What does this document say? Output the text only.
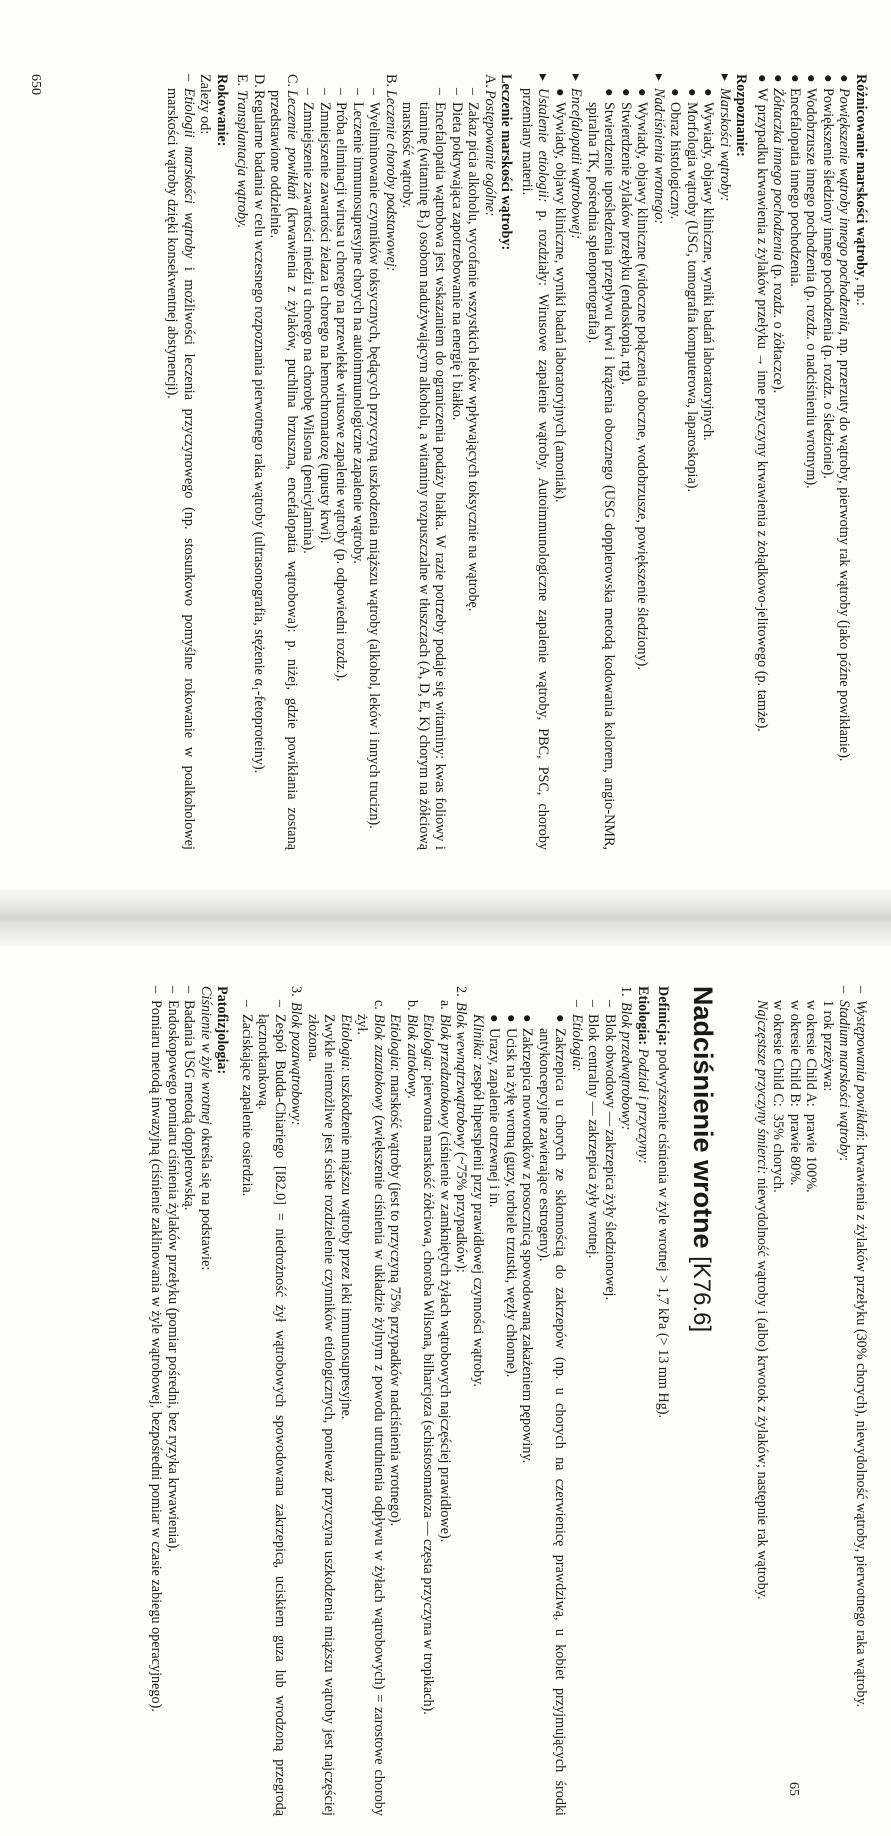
Różnicowanie marskości wątroby, np.:
●
Powiększenie wątroby innego pochodzenia, np. przerzuty do wątroby, pierwotny rak wątroby (jako późne powikłanie).
●
Powiększenie śledziony innego pochodzenia (p. rozdz. o śledzionie).
●
Wodobrzusze innego pochodzenia (p. rozdz. o nadciśnieniu wrotnym).
●
Encefalopatia innego pochodzenia.
●
Żółtaczka innego pochodzenia (p. rozdz. o żółtaczce).
●
W przypadku krwawienia z żylaków przełyku → inne przyczyny krwawienia z żołądkowo-jelitowego (p. tamże).
Rozpoznanie:
▸
Marskości wątroby:
●
Wywiady, objawy kliniczne, wyniki badań laboratoryjnych.
●
Morfologia wątroby (USG, tomografia komputerowa, laparoskopia).
●
Obraz histologiczny.
▸
Nadciśnienia wrotnego:
●
Wywiady, objawy kliniczne (widoczne połączenia oboczne, wodobrzusze, powiększenie śledziony).
●
Stwierdzenie żylaków przełyku (endoskopia, rtg).
●
Stwierdzenie upośledzenia przepływu krwi i krążenia obocznego (USG dopplerowska metodą kodowania kolorem, angio-NMR, spiralna TK, pośrednia splenoportografia).
▸
Encefalopatii wątrobowej:
●
Wywiady, objawy kliniczne, wyniki badań laboratoryjnych (amoniak).
▸
Ustalenie etiologii: p. rozdziały: Wirusowe zapalenie wątroby, Autoimmunologiczne zapalenie wątroby, PBC, PSC, choroby przemiany materii.
Leczenie marskości wątroby:
A.
Postępowanie ogólne:
–
Zakaz picia alkoholu, wycofanie wszystkich leków wpływających toksycznie na wątrobę.
–
Dieta pokrywająca zapotrzebowanie na energię i białko.
–
Encefalopatia wątrobowa jest wskazaniem do ograniczenia podaży białka. W razie potrzeby podaje się witaminy: kwas foliowy i tiaminę (witaminę B₁) osobom nadużywającym alkoholu, a witaminy rozpuszczalne w tłuszczach (A, D, E, K) chorym na żółciową marskość wątroby.
B.
Leczenie choroby podstawowej:
–
Wyeliminowanie czynników toksycznych, będących przyczyną uszkodzenia miąższu wątroby (alkohol, leków i innych trucizn).
–
Leczenie immunosupresyjne chorych na autoimmunologiczne zapalenie wątroby.
–
Próba eliminacji wirusa u chorego na przewlekłe wirusowe zapalenie wątroby (p. odpowiedni rozdz.).
–
Zmniejszenie zawartości żelaza u chorego na hemochromatozę (upusty krwi).
–
Zmniejszenie zawartości miedzi u chorego na chorobę Wilsona (penicylamina).
C.
Leczenie powikłań (krwawienia z żylaków, puchlina brzuszna, encefalopatia wątrobowa): p. niżej, gdzie powikłania zostaną przedstawione oddzielnie.
D.
Regularne badania w celu wczesnego rozpoznania pierwotnego raka wątroby (ultrasonografia, stężenie α₁-fetoproteiny).
E.
Transplantacja wątroby.
Rokowanie:
Zależy od:
–
Etiologii marskości wątroby i możliwości leczenia przyczynowego (np. stosunkowo pomyślne rokowanie w poalkoholowej marskości wątroby dzięki konsekwentnej abstynencji).
650
–
Występowania powikłań: krwawienia z żylaków przełyku (30% chorych), niewydolność wątroby, pierwotnego raka wątroby.
–
Stadium marskości wątroby:
1 rok przeżywa:
w okresie Child A:  prawie 100%.
w okresie Child B:  prawie 80%.
w okresie Child C:  35% chorych.
Najczęstsze przyczyny śmierci: niewydolność wątroby i (albo) krwotok z żylaków; następnie rak wątroby.
Nadciśnienie wrotne [K76.6]
Definicja: podwyższenie ciśnienia w żyle wrotnej > 1,7 kPa (> 13 mm Hg).
Etiologia: Podział i przyczyny:
1.
Blok przedwątrobowy:
–
Blok obwodowy — zakrzepica żyły śledzionowej.
–
Blok centralny — zakrzepica żyły wrotnej.
–
Etiologia:
●
Zakrzepica u chorych ze skłonnością do zakrzepów (np. u chorych na czerwienicę prawdziwą, u kobiet przyjmujących środki antykoncepcyjne zawierające estrogeny).
●
Zakrzepica noworodków z posocznicą spowodowaną zakażeniem pępowiny.
●
Ucisk na żyłę wrotną (guzy, torbiele trzustki, węzły chłonne).
●
Urazy, zapalenie otrzewnej i in.
Klinika: zespół hipersplenii przy prawidłowej czynności wątroby.
2.
Blok wewnątrzwątrobowy (~75% przypadków):
a.
Blok przedzatokowy (ciśnienie w zamkniętych żyłach wątrobowych najczęściej prawidłowe).
Etiologia: pierwotna marskość żółciowa, choroba Wilsona, bilharcjoza (schistosomatoza — częsta przyczyna w tropikach).
b.
Blok zatokowy.
Etiologia: marskość wątroby (jest to przyczyną 75% przypadków nadciśnienia wrotnego).
c.
Blok zazatokowy (zwiększenie ciśnienia w układzie żylnym z powodu utrudnienia odpływu w żyłach wątrobowych) = zarostowe choroby żył.
Etiologia: uszkodzenie miąższu wątroby przez leki immunosupresyjne.
Zwykle niemożliwe jest ścisłe rozdzielenie czynników etiologicznych, ponieważ przyczyna uszkodzenia miąższu wątroby jest najczęściej złożona.
3.
Blok pozawątrobowy:
–
Zespół Budda-Chiariego [I82.0] = niedrożność żył wątrobowych spowodowana zakrzepicą, uciskiem guza lub wrodzoną przegrodą łącznotkankową.
–
Zaciskające zapalenie osierdzia.
Patofizjologia:
Ciśnienie w żyle wrotnej określa się na podstawie:
–
Badania USG metodą dopplerowską.
–
Endoskopowego pomiaru ciśnienia żylaków przełyku (pomiar pośredni, bez ryzyka krwawienia).
–
Pomiaru metodą inwazyjną (ciśnienie zaklinowania w żyle wątrobowej, bezpośredni pomiar w czasie zabiegu operacyjnego).
65
